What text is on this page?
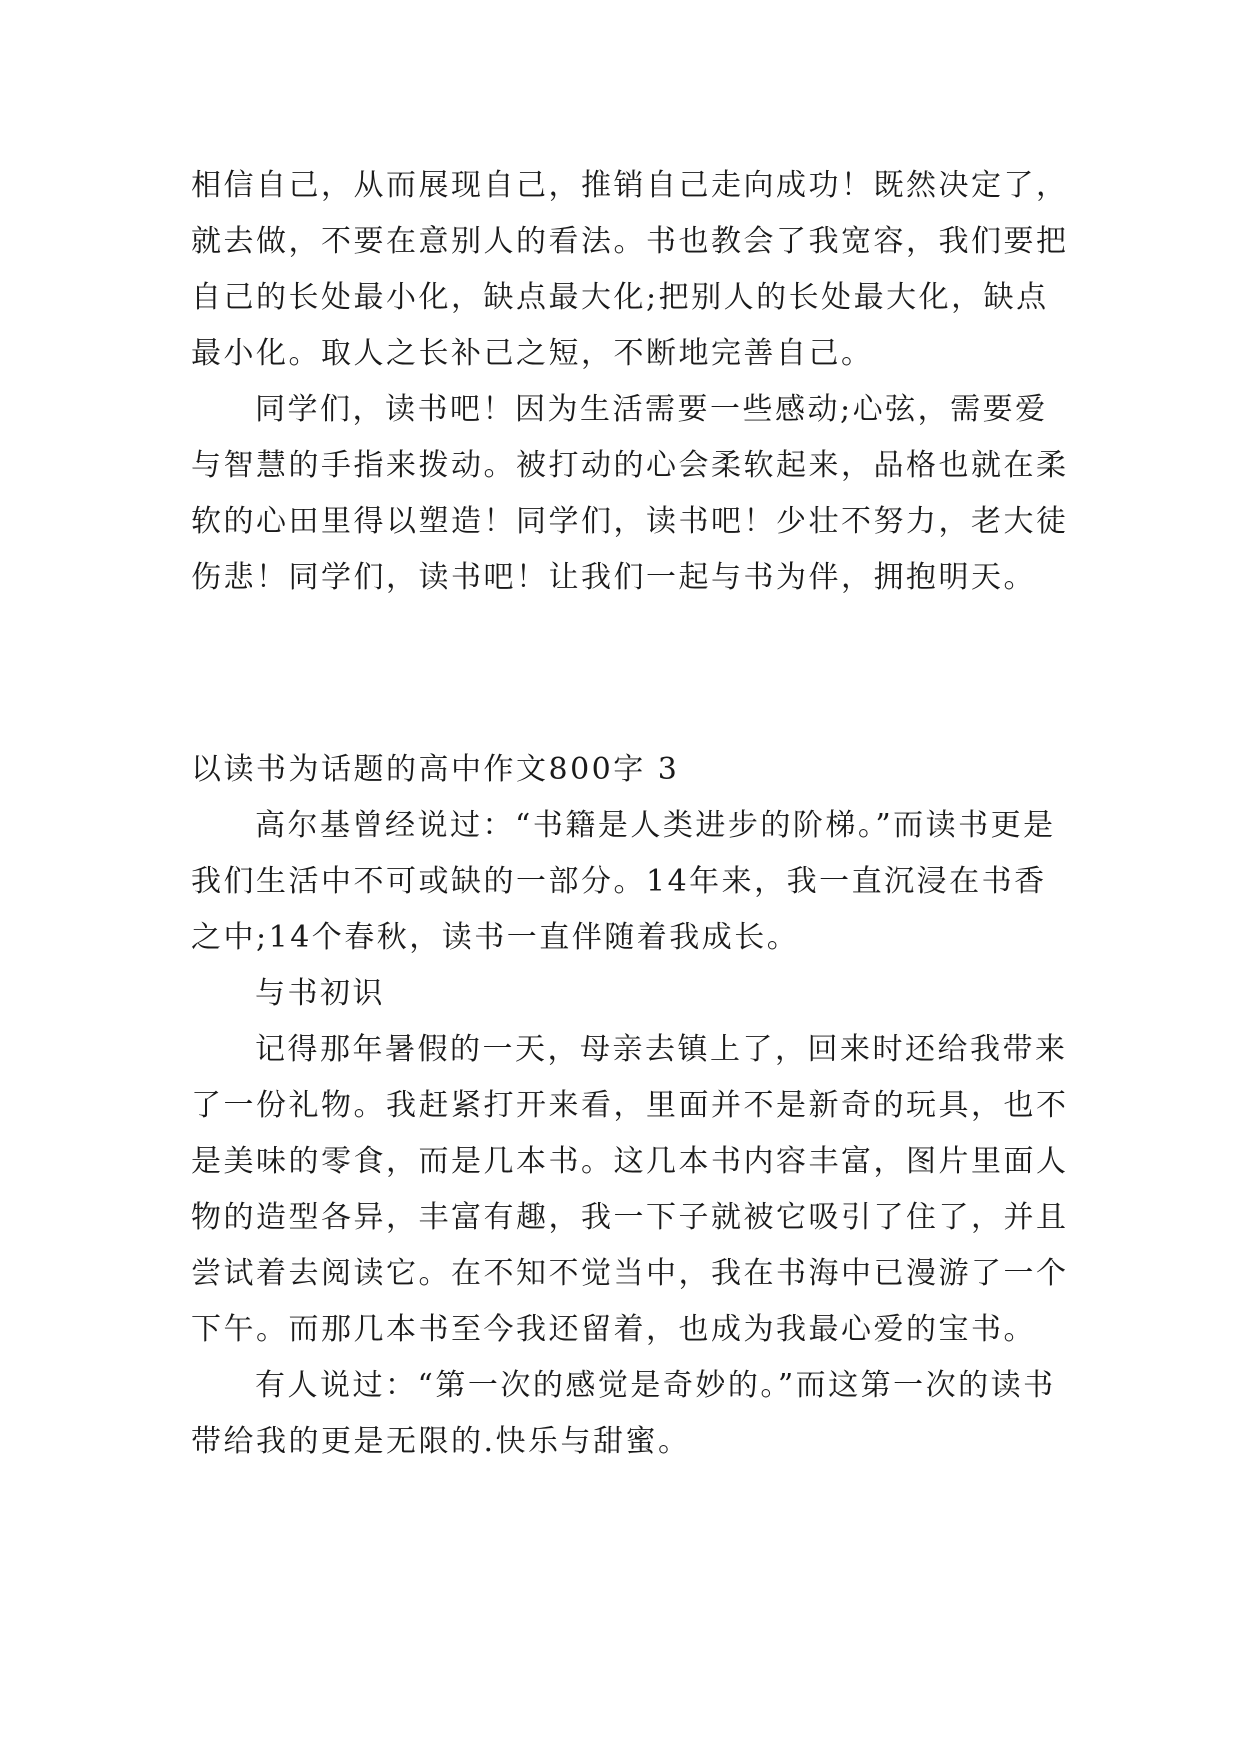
相信自己，从而展现自己，推销自己走向成功！既然决定了，就去做，不要在意别人的看法。书也教会了我宽容，我们要把自己的长处最小化，缺点最大化;把别人的长处最大化，缺点最小化。取人之长补己之短，不断地完善自己。

同学们，读书吧！因为生活需要一些感动;心弦，需要爱与智慧的手指来拨动。被打动的心会柔软起来，品格也就在柔软的心田里得以塑造！同学们，读书吧！少壮不努力，老大徒伤悲！同学们，读书吧！让我们一起与书为伴，拥抱明天。

以读书为话题的高中作文800字 3

高尔基曾经说过：“书籍是人类进步的阶梯。”而读书更是我们生活中不可或缺的一部分。14年来，我一直沉浸在书香之中;14个春秋，读书一直伴随着我成长。

与书初识

记得那年暑假的一天，母亲去镇上了，回来时还给我带来了一份礼物。我赶紧打开来看，里面并不是新奇的玩具，也不是美味的零食，而是几本书。这几本书内容丰富，图片里面人物的造型各异，丰富有趣，我一下子就被它吸引了住了，并且尝试着去阅读它。在不知不觉当中，我在书海中已漫游了一个下午。而那几本书至今我还留着，也成为我最心爱的宝书。

有人说过：“第一次的感觉是奇妙的。”而这第一次的读书带给我的更是无限的.快乐与甜蜜。
